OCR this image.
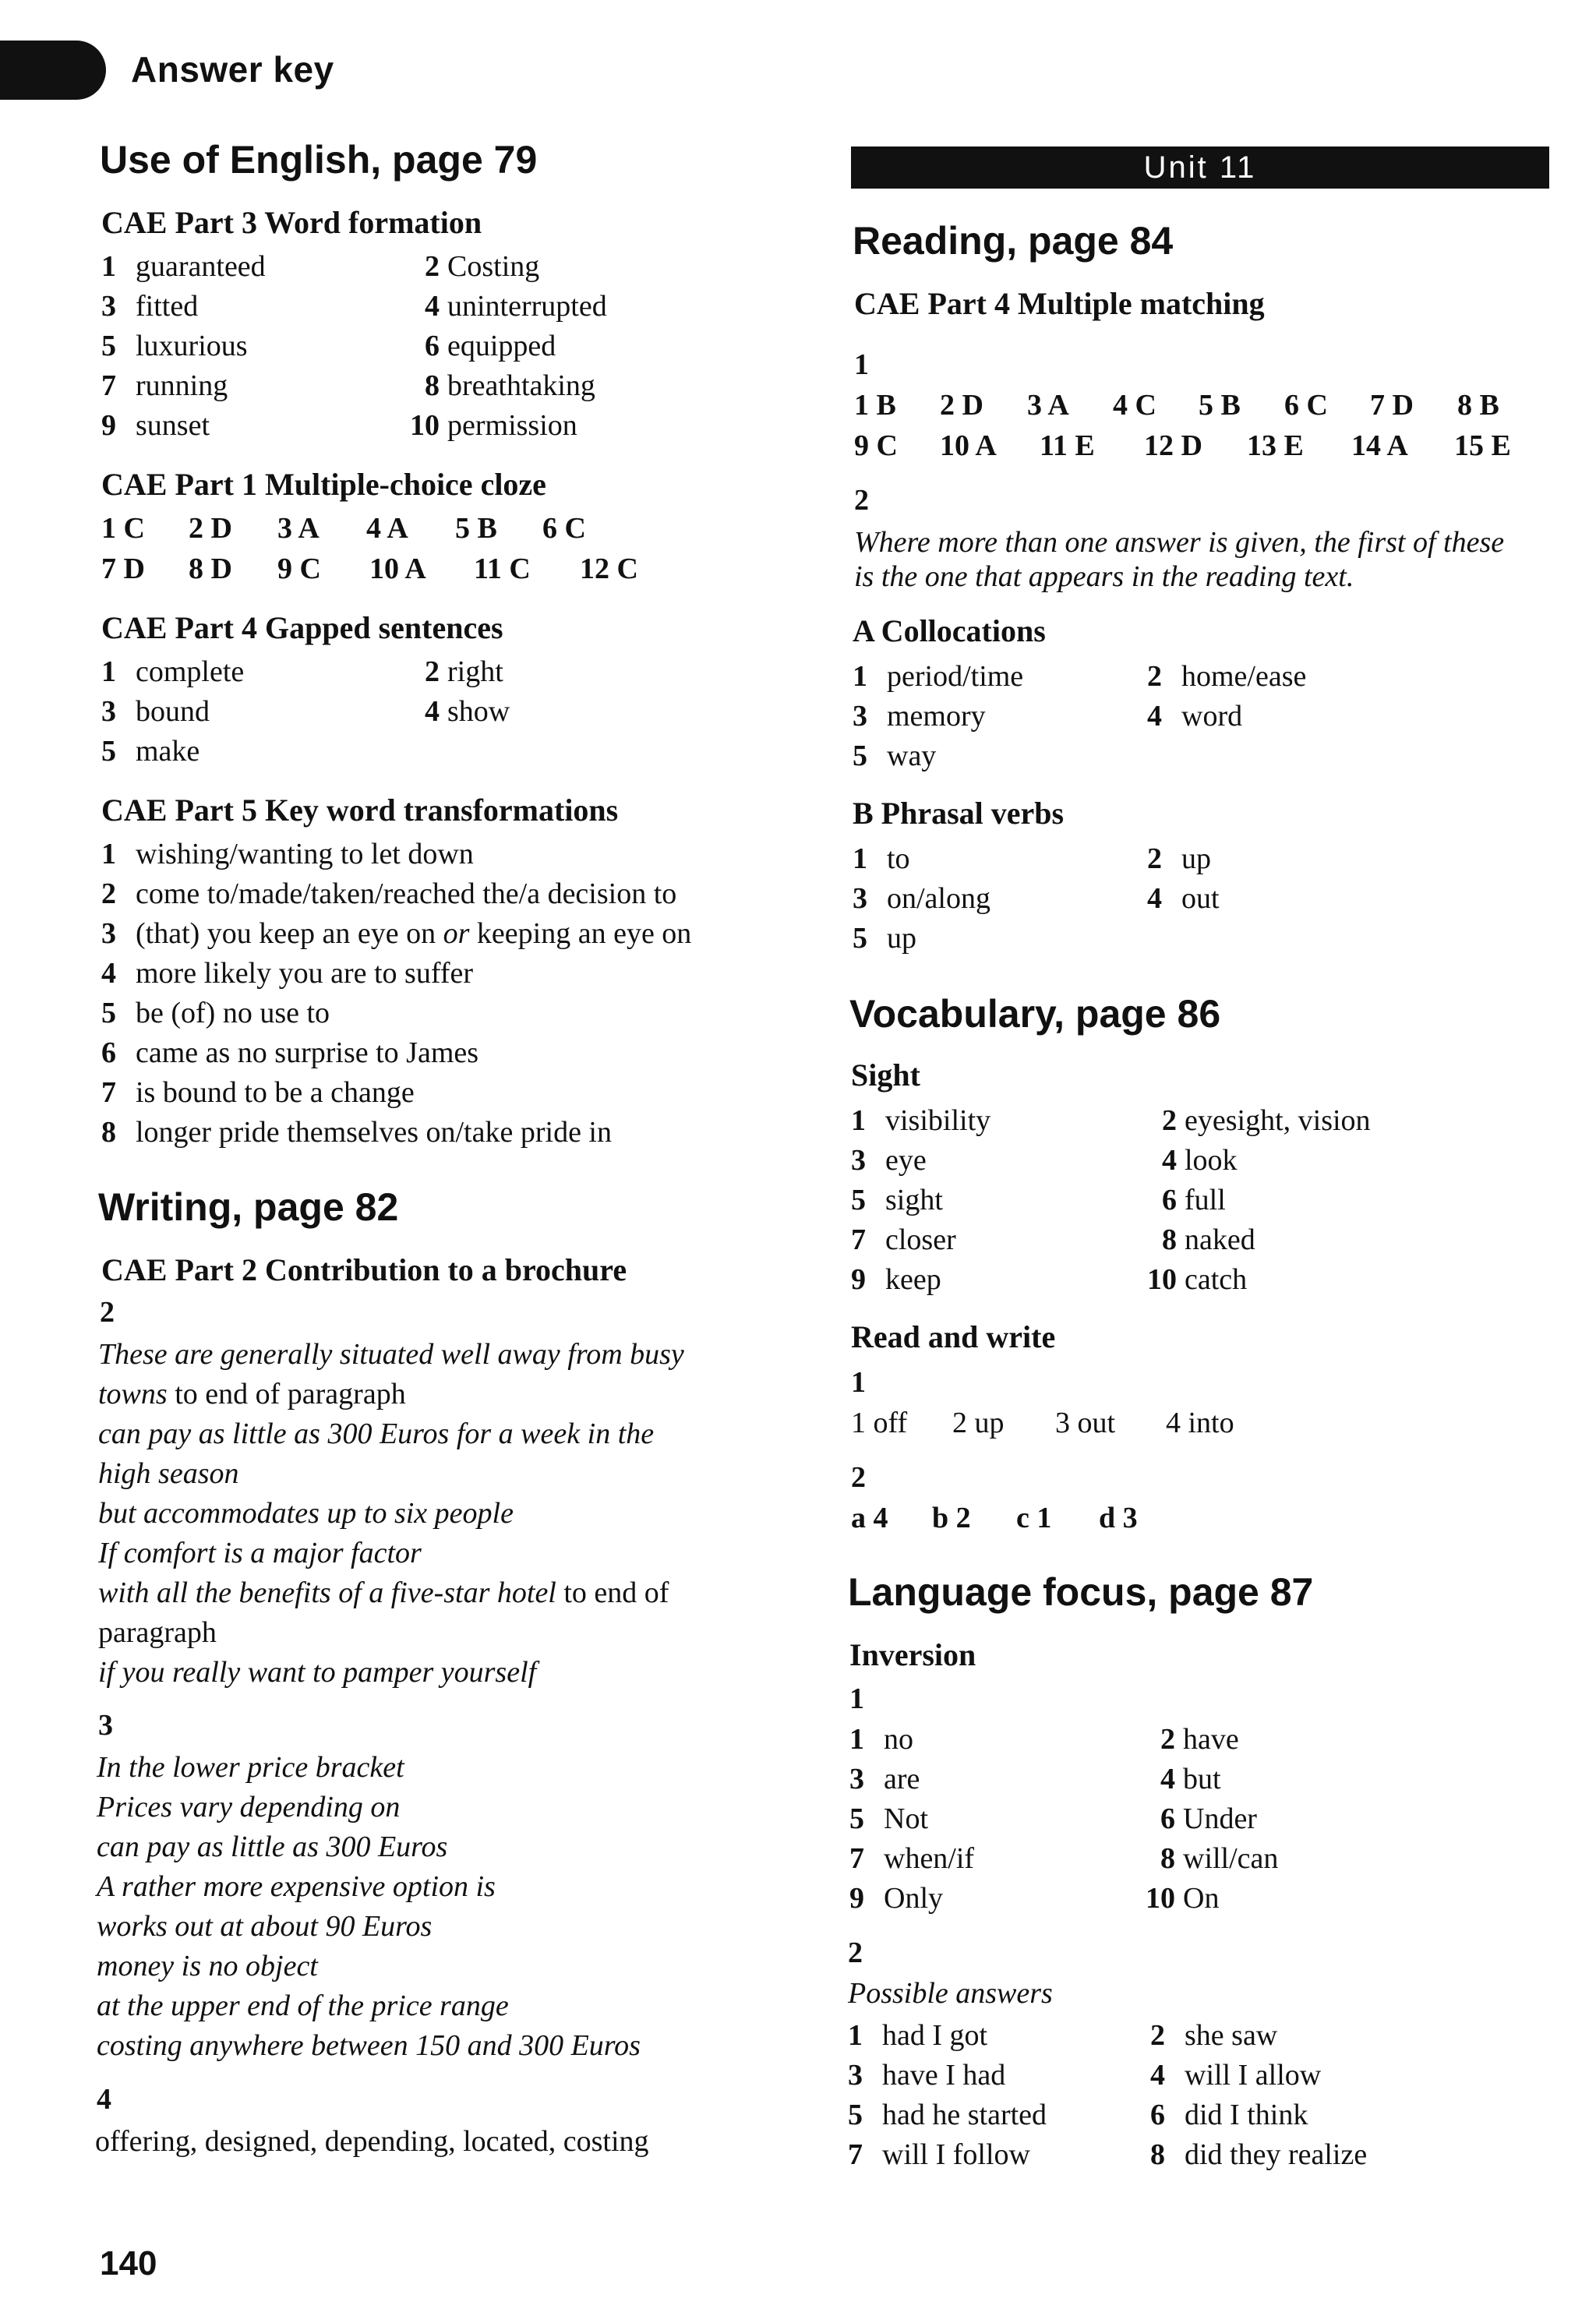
Answer key
Use of English, page 79
CAE Part 3 Word formation
1 guaranteed	2 Costing
3 fitted	4 uninterrupted
5 luxurious	6 equipped
7 running	8 breathtaking
9 sunset	10 permission
CAE Part 1 Multiple-choice cloze
1 C 2 D 3 A 4 A 5 B 6 C
7 D 8 D 9 C 10 A 11 C 12 C
CAE Part 4 Gapped sentences
1 complete	2 right
3 bound	4 show
5 make
CAE Part 5 Key word transformations
1 wishing/wanting to let down
2 come to/made/taken/reached the/a decision to
3 (that) you keep an eye on or keeping an eye on
4 more likely you are to suffer
5 be (of) no use to
6 came as no surprise to James
7 is bound to be a change
8 longer pride themselves on/take pride in
Writing, page 82
CAE Part 2 Contribution to a brochure
2
These are generally situated well away from busy
towns to end of paragraph
can pay as little as 300 Euros for a week in the
high season
but accommodates up to six people
If comfort is a major factor
with all the benefits of a five-star hotel to end of
paragraph
if you really want to pamper yourself
3
In the lower price bracket
Prices vary depending on
can pay as little as 300 Euros
A rather more expensive option is
works out at about 90 Euros
money is no object
at the upper end of the price range
costing anywhere between 150 and 300 Euros
4
offering, designed, depending, located, costing
140
Unit 11
Reading, page 84
CAE Part 4 Multiple matching
1
1 B 2 D 3 A 4 C 5 B 6 C 7 D 8 B
9 C 10 A 11 E 12 D 13 E 14 A 15 E
2
Where more than one answer is given, the first of these
is the one that appears in the reading text.
A Collocations
1 period/time	2 home/ease
3 memory	4 word
5 way
B Phrasal verbs
1 to	2 up
3 on/along	4 out
5 up
Vocabulary, page 86
Sight
1 visibility	2 eyesight, vision
3 eye	4 look
5 sight	6 full
7 closer	8 naked
9 keep	10 catch
Read and write
1
1 off 2 up 3 out 4 into
2
a 4 b 2 c 1 d 3
Language focus, page 87
Inversion
1
1 no	2 have
3 are	4 but
5 Not	6 Under
7 when/if	8 will/can
9 Only	10 On
2
Possible answers
1 had I got	2 she saw
3 have I had	4 will I allow
5 had he started	6 did I think
7 will I follow	8 did they realize
